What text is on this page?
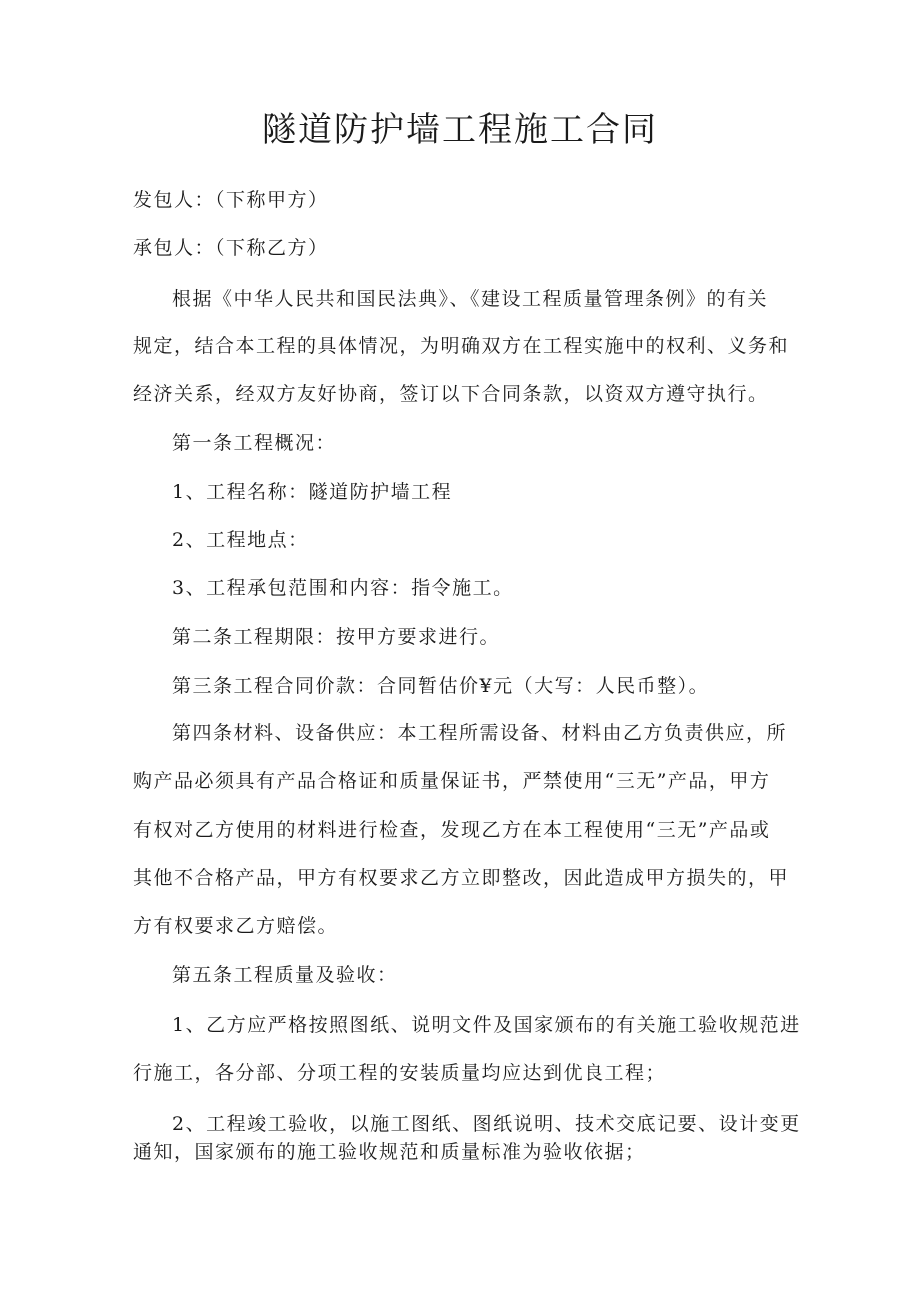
隧道防护墙工程施工合同

发包人：（下称甲方）

承包人：（下称乙方）

根据《中华人民共和国民法典》、《建设工程质量管理条例》的有关

规定，结合本工程的具体情况，为明确双方在工程实施中的权利、义务和

经济关系，经双方友好协商，签订以下合同条款，以资双方遵守执行。

第一条工程概况：

1、工程名称：隧道防护墙工程

2、工程地点：

3、工程承包范围和内容：指令施工。

第二条工程期限：按甲方要求进行。

第三条工程合同价款：合同暂估价¥元（大写：人民币整）。

第四条材料、设备供应：本工程所需设备、材料由乙方负责供应，所

购产品必须具有产品合格证和质量保证书，严禁使用“三无”产品，甲方

有权对乙方使用的材料进行检查，发现乙方在本工程使用“三无”产品或

其他不合格产品，甲方有权要求乙方立即整改，因此造成甲方损失的，甲

方有权要求乙方赔偿。

第五条工程质量及验收：

1、乙方应严格按照图纸、说明文件及国家颁布的有关施工验收规范进

行施工，各分部、分项工程的安装质量均应达到优良工程；

2、工程竣工验收，以施工图纸、图纸说明、技术交底记要、设计变更

通知，国家颁布的施工验收规范和质量标准为验收依据；
